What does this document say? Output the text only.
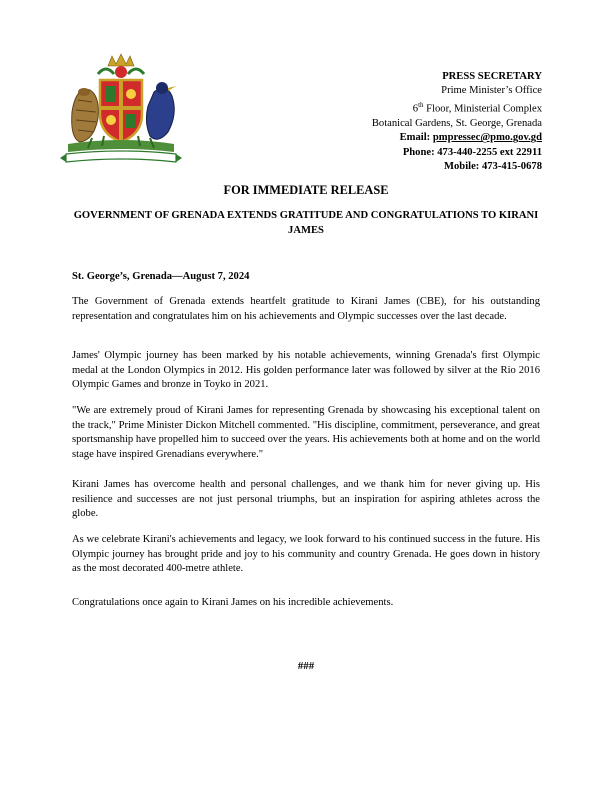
PRESS SECRETARY
Prime Minister’s Office
6th Floor, Ministerial Complex
Botanical Gardens, St. George, Grenada
Email: pmpressec@pmo.gov.gd
Phone: 473-440-2255 ext 22911
Mobile: 473-415-0678
FOR IMMEDIATE RELEASE
GOVERNMENT OF GRENADA EXTENDS GRATITUDE AND CONGRATULATIONS TO KIRANI JAMES
St. George’s, Grenada—August 7, 2024

The Government of Grenada extends heartfelt gratitude to Kirani James (CBE), for his outstanding representation and congratulates him on his achievements and Olympic successes over the last decade.

James' Olympic journey has been marked by his notable achievements, winning Grenada's first Olympic medal at the London Olympics in 2012. His golden performance later was followed by silver at the Rio 2016 Olympic Games and bronze in Toyko in 2021.

"We are extremely proud of Kirani James for representing Grenada by showcasing his exceptional talent on the track," Prime Minister Dickon Mitchell commented. "His discipline, commitment, perseverance, and great sportsmanship have propelled him to succeed over the years. His achievements both at home and on the world stage have inspired Grenadians everywhere."

Kirani James has overcome health and personal challenges, and we thank him for never giving up. His resilience and successes are not just personal triumphs, but an inspiration for aspiring athletes across the globe.

As we celebrate Kirani's achievements and legacy, we look forward to his continued success in the future. His Olympic journey has brought pride and joy to his community and country Grenada. He goes down in history as the most decorated 400-metre athlete.

Congratulations once again to Kirani James on his incredible achievements.

###
